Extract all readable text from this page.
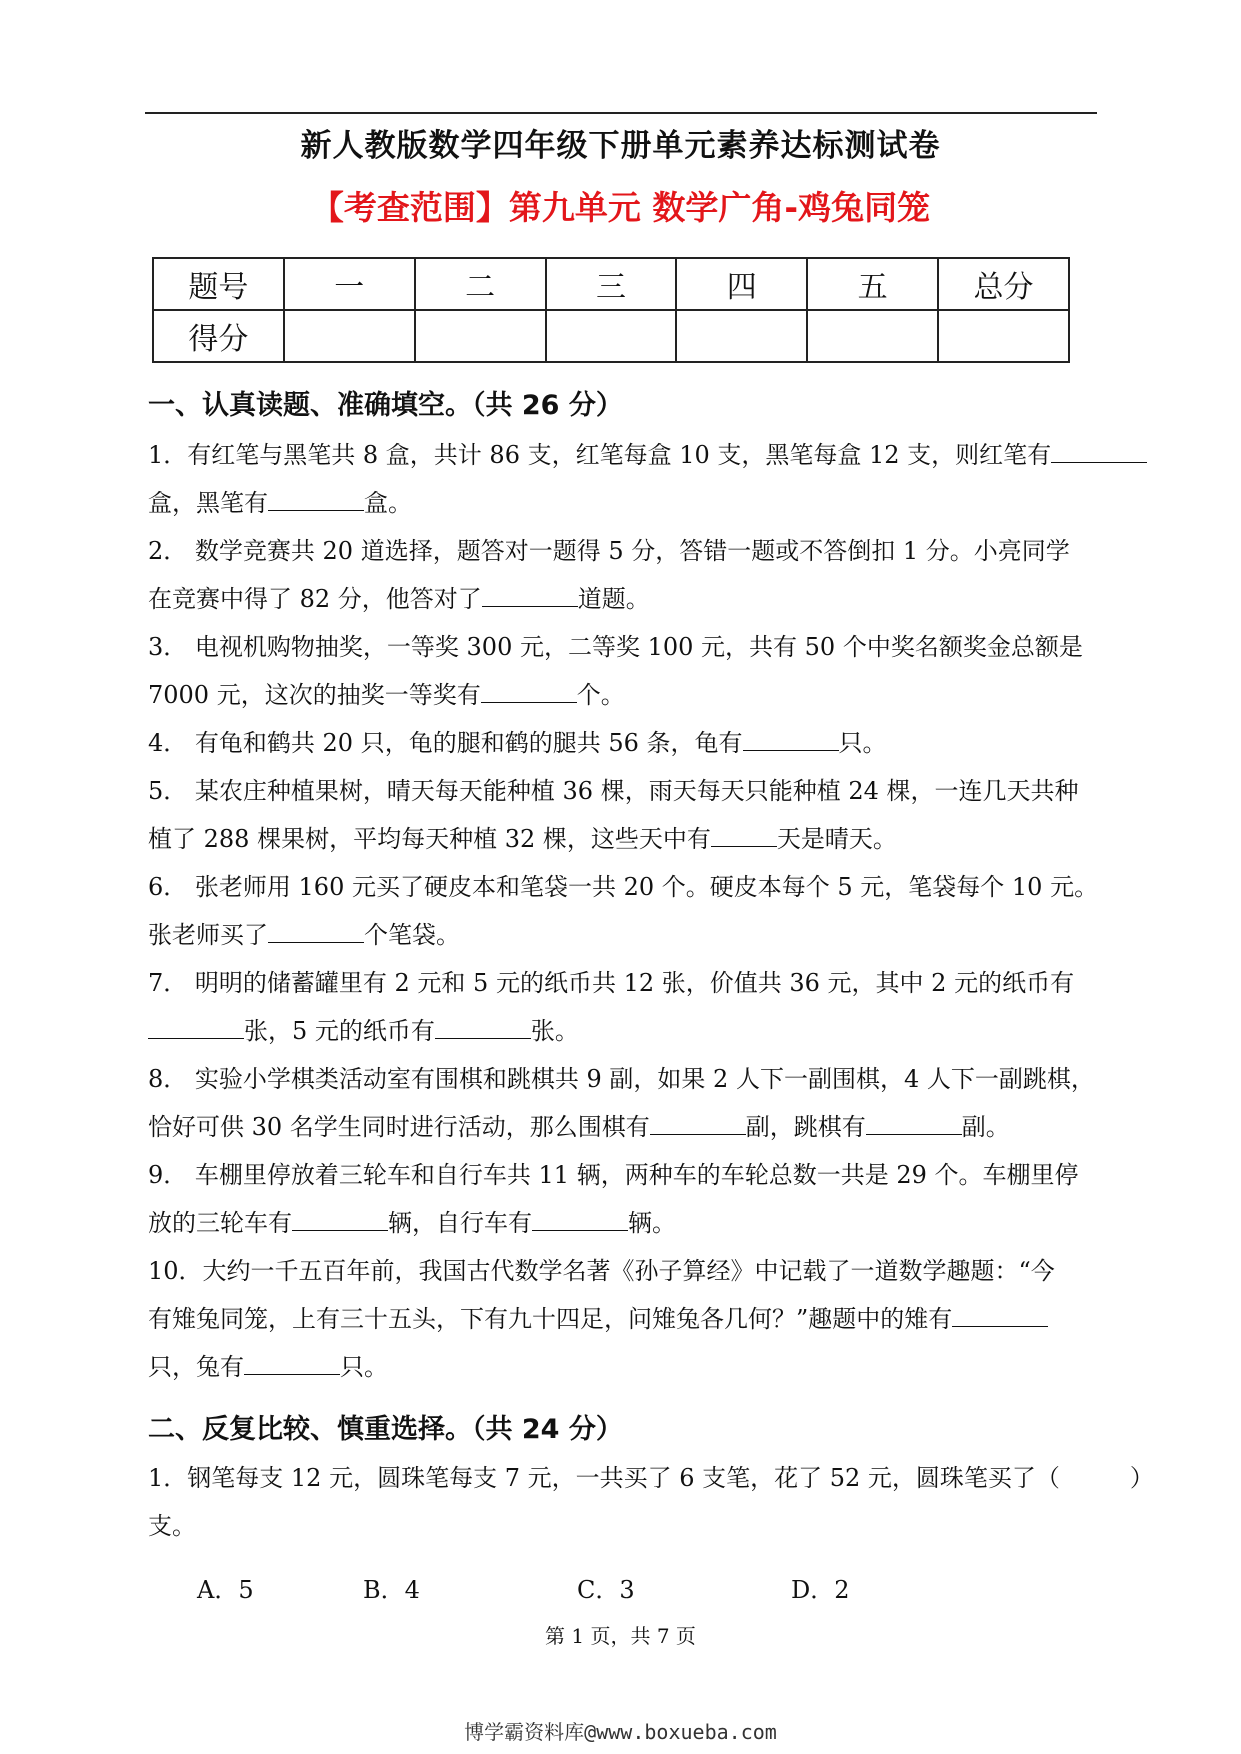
新人教版数学四年级下册单元素养达标测试卷
【考查范围】第九单元 数学广角-鸡兔同笼
题号	一	二	三	四	五	总分
得分						
一、认真读题、准确填空。（共 26 分）
1．有红笔与黑笔共 8 盒，共计 86 支，红笔每盒 10 支，黑笔每盒 12 支，则红笔有
盒，黑笔有	盒。
2． 数学竞赛共 20 道选择，题答对一题得 5 分，答错一题或不答倒扣 1 分。小亮同学
在竞赛中得了 82 分，他答对了	道题。
3． 电视机购物抽奖，一等奖 300 元，二等奖 100 元，共有 50 个中奖名额奖金总额是
7000 元，这次的抽奖一等奖有	个。
4． 有龟和鹤共 20 只，龟的腿和鹤的腿共 56 条，龟有	只。
5． 某农庄种植果树，晴天每天能种植 36 棵，雨天每天只能种植 24 棵，一连几天共种
植了 288 棵果树，平均每天种植 32 棵，这些天中有	天是晴天。
6． 张老师用 160 元买了硬皮本和笔袋一共 20 个。硬皮本每个 5 元，笔袋每个 10 元。
张老师买了	个笔袋。
7． 明明的储蓄罐里有 2 元和 5 元的纸币共 12 张，价值共 36 元，其中 2 元的纸币有
张，5 元的纸币有	张。
8． 实验小学棋类活动室有围棋和跳棋共 9 副，如果 2 人下一副围棋，4 人下一副跳棋，
恰好可供 30 名学生同时进行活动，那么围棋有	副，跳棋有	副。
9． 车棚里停放着三轮车和自行车共 11 辆，两种车的车轮总数一共是 29 个。车棚里停
放的三轮车有	辆，自行车有	辆。
10．大约一千五百年前，我国古代数学名著《孙子算经》中记载了一道数学趣题：“今
有雉兔同笼，上有三十五头，下有九十四足，问雉兔各几何？”趣题中的雉有
只，兔有	只。
二、反复比较、慎重选择。（共 24 分）
1．钢笔每支 12 元，圆珠笔每支 7 元，一共买了 6 支笔，花了 52 元，圆珠笔买了（	）
支。
A．5	B．4	C．3	D．2
第 1 页，共 7 页
博学霸资料库@www.boxueba.com
